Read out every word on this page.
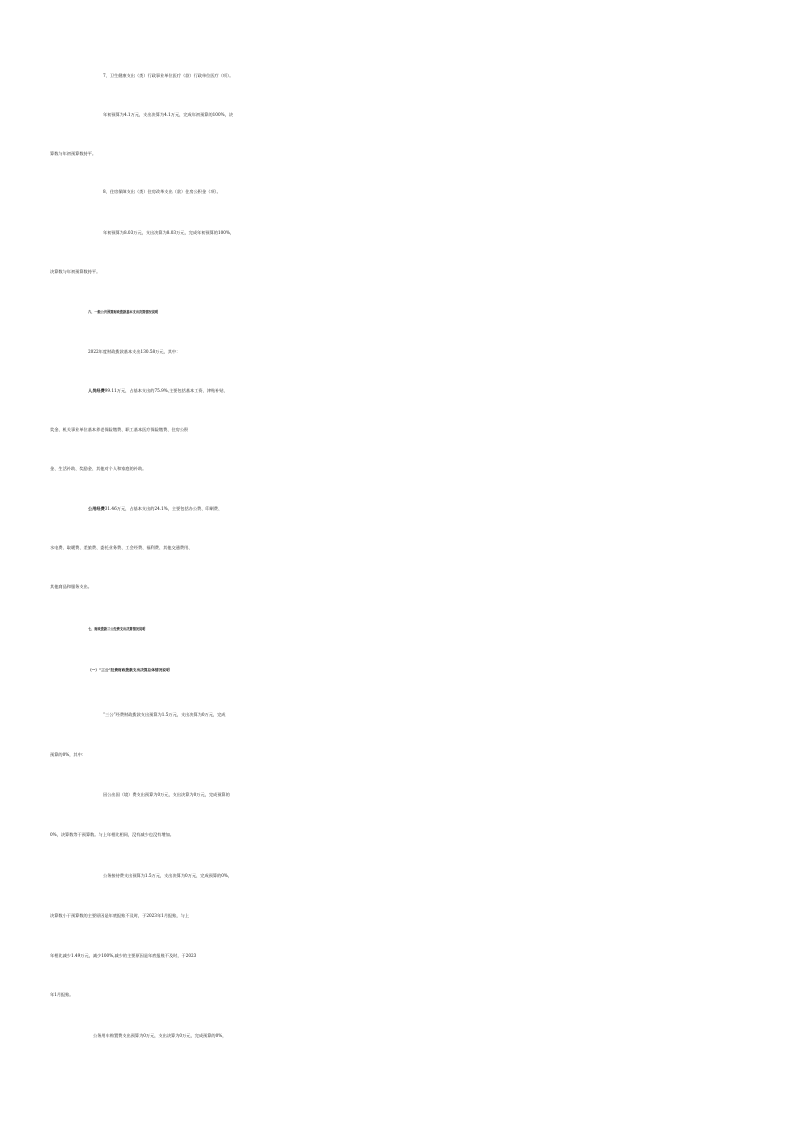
7、卫生健康支出（类）行政事业单位医疗（款）行政单位医疗（项）。
年初预算为4.1万元，支出决算为4.1万元，完成年初预算的100%，决
算数与年初预算数持平。
8、住房保障支出（类）住房改革支出（款）住房公积金（项）。
年初预算为8.03万元，支出决算为8.03万元，完成年初预算的100%，
决算数与年初预算数持平。
六、一般公共预算财政拨款基本支出决算情况说明
2022年度财政拨款基本支出130.58万元，其中：
人员经费99.11万元，占基本支出的75.9%,主要包括基本工资、津贴补贴、
奖金、机关事业单位基本养老保险缴费、职工基本医疗保险缴费、住房公积
金、生活补助、奖励金、其他对个人和家庭的补助。
公用经费31.46万元，占基本支出的24.1%，主要包括办公费、印刷费、
水电费、取暖费、差旅费、委托业务费、工会经费、福利费、其他交通费用、
其他商品和服务支出。
七、财政拨款三公经费支出决算情况说明
（一）“三公”经费财政拨款支出决算总体情况说明
“三公”经费财政拨款支出预算为1.5万元，支出决算为0万元，完成
预算的0%，其中：
因公出国（境）费支出预算为0万元，支出决算为0万元，完成预算的
0%，决算数等于预算数。与上年相比相同，没有减少也没有增加。
公务接待费支出预算为1.5万元，支出决算为0万元，完成预算的0%，
决算数小于预算数的主要原因是年底报账不及时，于2023年1月报账，与上
年相比减少1.49万元，减少100%,减少的主要原因是年底报账不及时，于2023
年1月报账。
公务用车购置费支出预算为0万元，支出决算为0万元，完成预算的0%，
